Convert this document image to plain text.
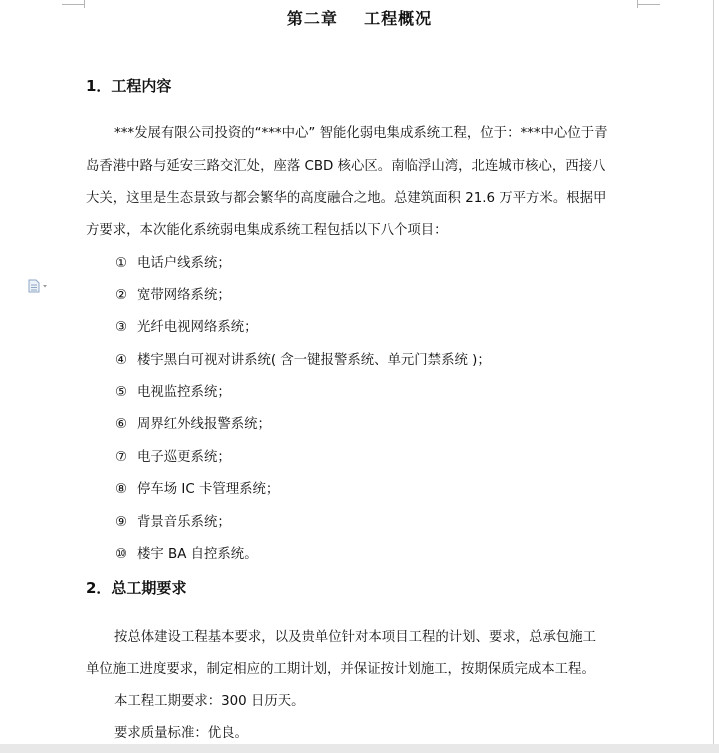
第二章    工程概况
1．工程内容
***发展有限公司投资的“***中心” 智能化弱电集成系统工程，位于：***中心位于青
岛香港中路与延安三路交汇处，座落 CBD 核心区。南临浮山湾，北连城市核心，西接八
大关，这里是生态景致与都会繁华的高度融合之地。总建筑面积 21.6 万平方米。根据甲
方要求，本次能化系统弱电集成系统工程包括以下八个项目：
① 电话户线系统；
② 宽带网络系统；
③ 光纤电视网络系统；
④ 楼宇黑白可视对讲系统( 含一键报警系统、单元门禁系统 )；
⑤ 电视监控系统；
⑥ 周界红外线报警系统；
⑦ 电子巡更系统；
⑧ 停车场 IC 卡管理系统；
⑨ 背景音乐系统；
⑩ 楼宇 BA 自控系统。
2．总工期要求
按总体建设工程基本要求，以及贵单位针对本项目工程的计划、要求，总承包施工
单位施工进度要求，制定相应的工期计划，并保证按计划施工，按期保质完成本工程。
本工程工期要求：300 日历天。
要求质量标准：优良。
